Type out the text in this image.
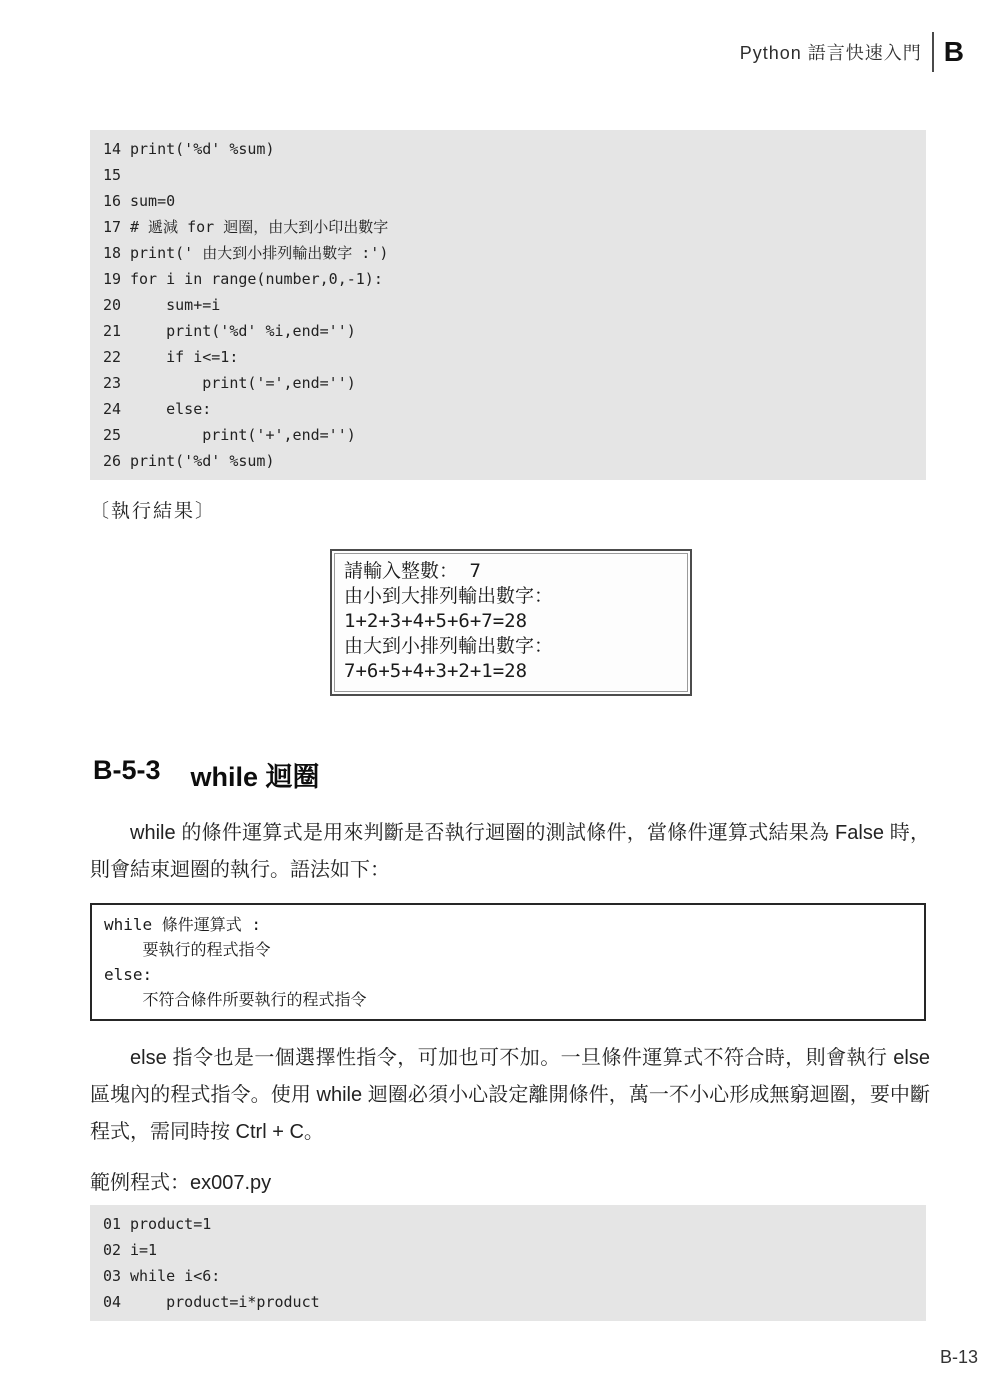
Python 語言快速入門 B
14 print('%d' %sum)
15
16 sum=0
17 # 遞減 for 迴圈，由大到小印出數字
18 print(' 由大到小排列輸出數字 :')
19 for i in range(number,0,-1):
20 sum+=i
21 print('%d' %i,end='')
22 if i<=1:
23 print('=',end='')
24 else:
25 print('+',end='')
26 print('%d' %sum)
〔執行結果〕
請輸入整數： 7
由小到大排列輸出數字：
1+2+3+4+5+6+7=28
由大到小排列輸出數字：
7+6+5+4+3+2+1=28
B-5-3 while 迴圈

while 的條件運算式是用來判斷是否執行迴圈的測試條件，當條件運算式結果為 False 時，則會結束迴圈的執行。語法如下：

while 條件運算式 :
要執行的程式指令
else:
不符合條件所要執行的程式指令

else 指令也是一個選擇性指令，可加也可不加。一旦條件運算式不符合時，則會執行 else 區塊內的程式指令。使用 while 迴圈必須小心設定離開條件，萬一不小心形成無窮迴圈，要中斷程式，需同時按 Ctrl + C。

範例程式：ex007.py
01 product=1
02 i=1
03 while i<6:
04 product=i*product
B-13
